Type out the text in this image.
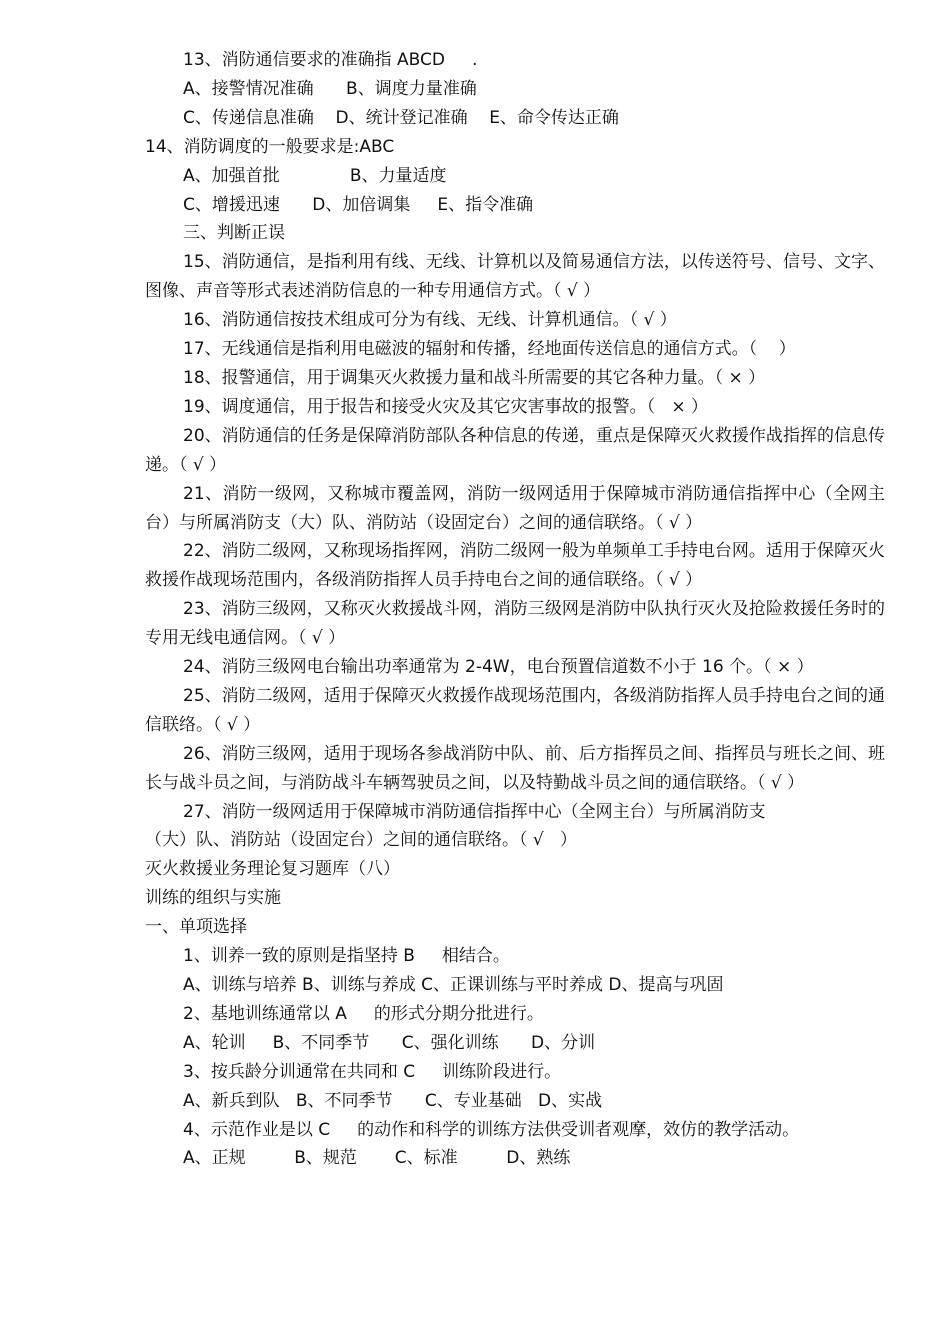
13、消防通信要求的准确指 ABCD     .

A、接警情况准确      B、调度力量准确

C、传递信息准确    D、统计登记准确    E、命令传达正确

14、消防调度的一般要求是:ABC

A、加强首批             B、力量适度

C、增援迅速      D、加倍调集     E、指令准确

三、判断正误

15、消防通信，是指利用有线、无线、计算机以及简易通信方法，以传送符号、信号、文字、图像、声音等形式表述消防信息的一种专用通信方式。（ √ ）

16、消防通信按技术组成可分为有线、无线、计算机通信。（ √ ）

17、无线通信是指利用电磁波的辐射和传播，经地面传送信息的通信方式。（    ）

18、报警通信，用于调集灭火救援力量和战斗所需要的其它各种力量。（ × ）

19、调度通信，用于报告和接受火灾及其它灾害事故的报警。（   × ）

20、消防通信的任务是保障消防部队各种信息的传递，重点是保障灭火救援作战指挥的信息传递。（ √ ）

21、消防一级网，又称城市覆盖网，消防一级网适用于保障城市消防通信指挥中心（全网主台）与所属消防支（大）队、消防站（设固定台）之间的通信联络。（ √ ）

22、消防二级网，又称现场指挥网，消防二级网一般为单频单工手持电台网。适用于保障灭火救援作战现场范围内，各级消防指挥人员手持电台之间的通信联络。（ √ ）

23、消防三级网，又称灭火救援战斗网，消防三级网是消防中队执行灭火及抢险救援任务时的专用无线电通信网。（ √ ）

24、消防三级网电台输出功率通常为 2-4W，电台预置信道数不小于 16 个。（ × ）

25、消防二级网，适用于保障灭火救援作战现场范围内，各级消防指挥人员手持电台之间的通信联络。（ √ ）

26、消防三级网，适用于现场各参战消防中队、前、后方指挥员之间、指挥员与班长之间、班长与战斗员之间，与消防战斗车辆驾驶员之间，以及特勤战斗员之间的通信联络。（ √ ）

27、消防一级网适用于保障城市消防通信指挥中心（全网主台）与所属消防支

（大）队、消防站（设固定台）之间的通信联络。（ √   ）

灭火救援业务理论复习题库（八）

训练的组织与实施

一、单项选择

1、训养一致的原则是指坚持 B     相结合。

A、训练与培养 B、训练与养成 C、正课训练与平时养成 D、提高与巩固

2、基地训练通常以 A     的形式分期分批进行。

A、轮训     B、不同季节      C、强化训练      D、分训

3、按兵龄分训通常在共同和 C     训练阶段进行。

A、新兵到队   B、不同季节      C、专业基础   D、实战

4、示范作业是以 C     的动作和科学的训练方法供受训者观摩，效仿的教学活动。

A、正规         B、规范       C、标准         D、熟练
